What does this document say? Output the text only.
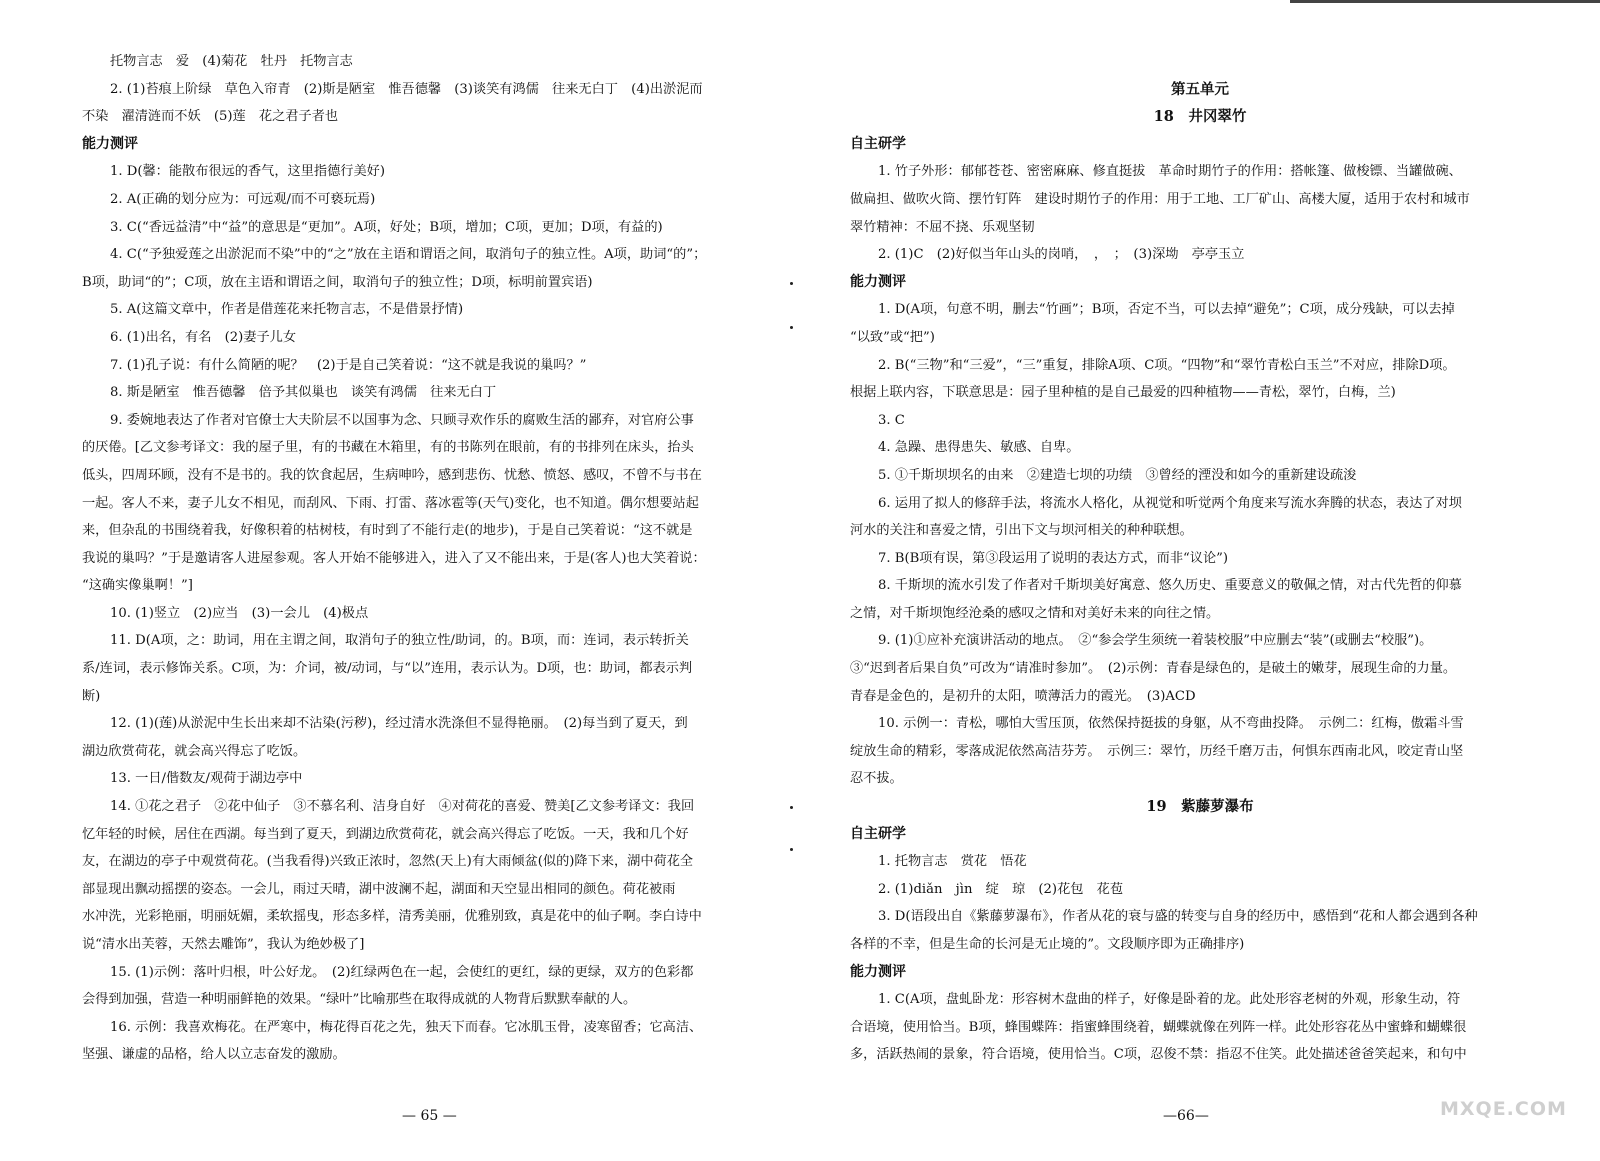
托物言志　爱　(4)菊花　牡丹　托物言志
2. (1)苔痕上阶绿　草色入帘青　(2)斯是陋室　惟吾德馨　(3)谈笑有鸿儒　往来无白丁　(4)出淤泥而
不染　濯清涟而不妖　(5)莲　花之君子者也
能力测评
1. D(馨：能散布很远的香气，这里指德行美好)
2. A(正确的划分应为：可远观/而不可亵玩焉)
3. C(“香远益清”中“益”的意思是“更加”。A项，好处；B项，增加；C项，更加；D项，有益的)
4. C(“予独爱莲之出淤泥而不染”中的“之”放在主语和谓语之间，取消句子的独立性。A项，助词“的”；
B项，助词“的”；C项，放在主语和谓语之间，取消句子的独立性；D项，标明前置宾语)
5. A(这篇文章中，作者是借莲花来托物言志，不是借景抒情)
6. (1)出名，有名　(2)妻子儿女
7. (1)孔子说：有什么简陋的呢？　(2)于是自己笑着说：“这不就是我说的巢吗？”
8. 斯是陋室　惟吾德馨　倍予其似巢也　谈笑有鸿儒　往来无白丁
9. 委婉地表达了作者对官僚士大夫阶层不以国事为念、只顾寻欢作乐的腐败生活的鄙弃，对官府公事
的厌倦。[乙文参考译文：我的屋子里，有的书藏在木箱里，有的书陈列在眼前，有的书排列在床头，抬头
低头，四周环顾，没有不是书的。我的饮食起居，生病呻吟，感到悲伤、忧愁、愤怒、感叹，不曾不与书在
一起。客人不来，妻子儿女不相见，而刮风、下雨、打雷、落冰雹等(天气)变化，也不知道。偶尔想要站起
来，但杂乱的书围绕着我，好像积着的枯树枝，有时到了不能行走(的地步)，于是自己笑着说：“这不就是
我说的巢吗？”于是邀请客人进屋参观。客人开始不能够进入，进入了又不能出来，于是(客人)也大笑着说：
“这确实像巢啊！”]
10. (1)竖立　(2)应当　(3)一会儿　(4)极点
11. D(A项，之：助词，用在主谓之间，取消句子的独立性/助词，的。B项，而：连词，表示转折关
系/连词，表示修饰关系。C项，为：介词，被/动词，与“以”连用，表示认为。D项，也：助词，都表示判
断)
12. (1)(莲)从淤泥中生长出来却不沾染(污秽)，经过清水洗涤但不显得艳丽。　(2)每当到了夏天，到
湖边欣赏荷花，就会高兴得忘了吃饭。
13. 一日/偕数友/观荷于湖边亭中
14. ①花之君子　②花中仙子　③不慕名利、洁身自好　④对荷花的喜爱、赞美[乙文参考译文：我回
忆年轻的时候，居住在西湖。每当到了夏天，到湖边欣赏荷花，就会高兴得忘了吃饭。一天，我和几个好
友，在湖边的亭子中观赏荷花。(当我看得)兴致正浓时，忽然(天上)有大雨倾盆(似的)降下来，湖中荷花全
部显现出飘动摇摆的姿态。一会儿，雨过天晴，湖中波澜不起，湖面和天空显出相同的颜色。荷花被雨
水冲洗，光彩艳丽，明丽妩媚，柔软摇曳，形态多样，清秀美丽，优雅别致，真是花中的仙子啊。李白诗中
说“清水出芙蓉，天然去雕饰”，我认为绝妙极了]
15. (1)示例：落叶归根，叶公好龙。　(2)红绿两色在一起，会使红的更红，绿的更绿，双方的色彩都
会得到加强，营造一种明丽鲜艳的效果。“绿叶”比喻那些在取得成就的人物背后默默奉献的人。
16. 示例：我喜欢梅花。在严寒中，梅花得百花之先，独天下而春。它冰肌玉骨，凌寒留香；它高洁、
坚强、谦虚的品格，给人以立志奋发的激励。
第五单元
18　井冈翠竹
自主研学
1. 竹子外形：郁郁苍苍、密密麻麻、修直挺拔　革命时期竹子的作用：搭帐篷、做梭镖、当罐做碗、
做扁担、做吹火筒、摆竹钉阵　建设时期竹子的作用：用于工地、工厂矿山、高楼大厦，适用于农村和城市
翠竹精神：不屈不挠、乐观坚韧
2. (1)C　(2)好似当年山头的岗哨，　，　；　(3)深坳　亭亭玉立
能力测评
1. D(A项，句意不明，删去“竹画”；B项，否定不当，可以去掉“避免”；C项，成分残缺，可以去掉
“以致”或“把”)
2. B(“三物”和“三爱”，“三”重复，排除A项、C项。“四物”和“翠竹青松白玉兰”不对应，排除D项。
根据上联内容，下联意思是：园子里种植的是自己最爱的四种植物——青松，翠竹，白梅，兰)
3. C
4. 急躁、患得患失、敏感、自卑。
5. ①千斯坝坝名的由来　②建造七坝的功绩　③曾经的湮没和如今的重新建设疏浚
6. 运用了拟人的修辞手法，将流水人格化，从视觉和听觉两个角度来写流水奔腾的状态，表达了对坝
河水的关注和喜爱之情，引出下文与坝河相关的种种联想。
7. B(B项有误，第③段运用了说明的表达方式，而非“议论”)
8. 千斯坝的流水引发了作者对千斯坝美好寓意、悠久历史、重要意义的敬佩之情，对古代先哲的仰慕
之情，对千斯坝饱经沧桑的感叹之情和对美好未来的向往之情。
9. (1)①应补充演讲活动的地点。　②“参会学生须统一着装校服”中应删去“装”(或删去“校服”)。
③“迟到者后果自负”可改为“请准时参加”。　(2)示例：青春是绿色的，是破土的嫩芽，展现生命的力量。
青春是金色的，是初升的太阳，喷薄活力的霞光。　(3)ACD
10. 示例一：青松，哪怕大雪压顶，依然保持挺拔的身躯，从不弯曲投降。　示例二：红梅，傲霜斗雪
绽放生命的精彩，零落成泥依然高洁芬芳。　示例三：翠竹，历经千磨万击，何惧东西南北风，咬定青山坚
忍不拔。
19　紫藤萝瀑布
自主研学
1. 托物言志　赏花　悟花
2. (1)diǎn　jìn　绽　琼　(2)花包　花苞
3. D(语段出自《紫藤萝瀑布》，作者从花的衰与盛的转变与自身的经历中，感悟到“花和人都会遇到各种
各样的不幸，但是生命的长河是无止境的”。文段顺序即为正确排序)
能力测评
1. C(A项，盘虬卧龙：形容树木盘曲的样子，好像是卧着的龙。此处形容老树的外观，形象生动，符
合语境，使用恰当。B项，蜂围蝶阵：指蜜蜂围绕着，蝴蝶就像在列阵一样。此处形容花丛中蜜蜂和蝴蝶很
多，活跃热闹的景象，符合语境，使用恰当。C项，忍俊不禁：指忍不住笑。此处描述爸爸笑起来，和句中
— 65 —	—66—	MXQE.COM
